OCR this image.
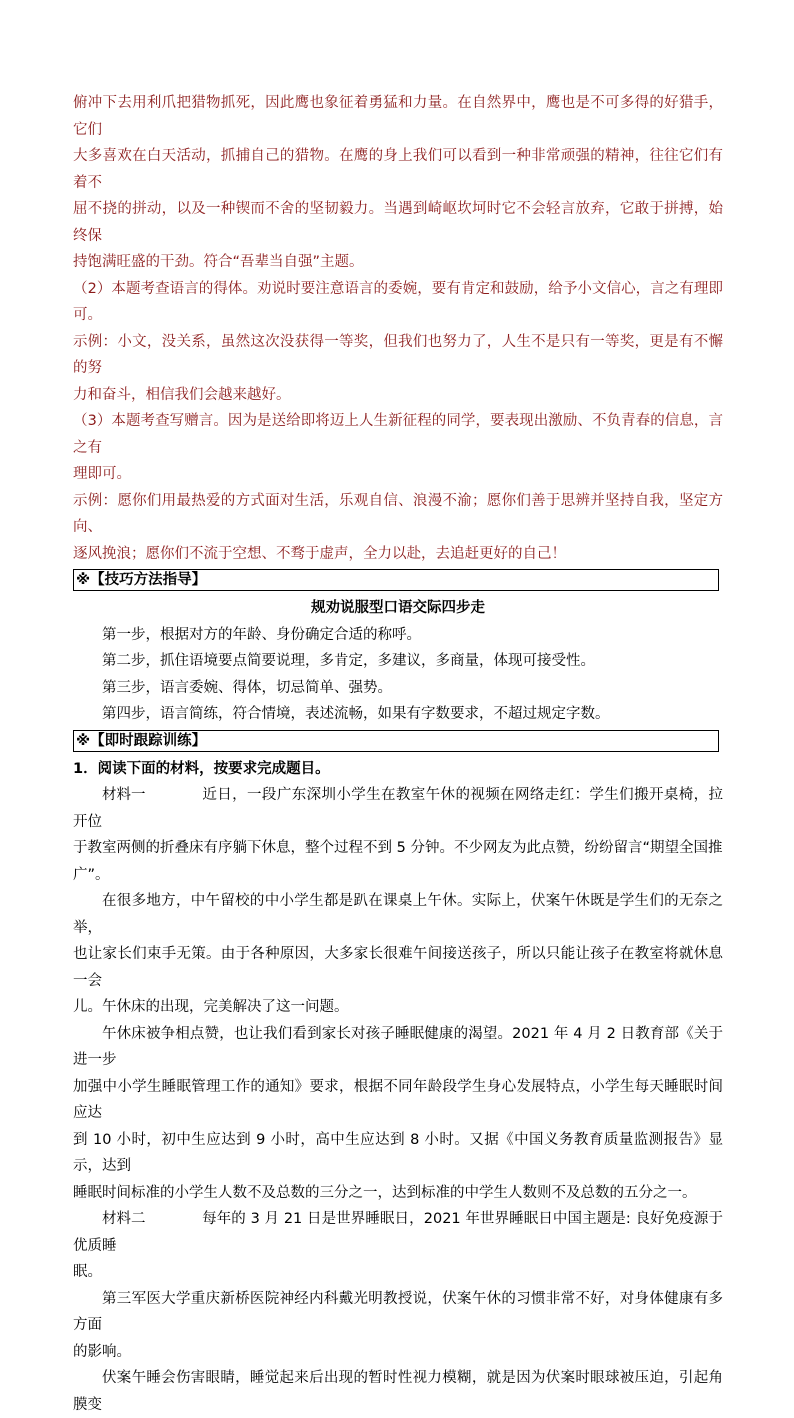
俯冲下去用利爪把猎物抓死，因此鹰也象征着勇猛和力量。在自然界中，鹰也是不可多得的好猎手，它们

大多喜欢在白天活动，抓捕自己的猎物。在鹰的身上我们可以看到一种非常顽强的精神，往往它们有着不

屈不挠的拼动，以及一种锲而不舍的坚韧毅力。当遇到崎岖坎坷时它不会轻言放弃，它敢于拼搏，始终保

持饱满旺盛的干劲。符合“吾辈当自强”主题。

（2）本题考查语言的得体。劝说时要注意语言的委婉，要有肯定和鼓励，给予小文信心，言之有理即可。

示例：小文，没关系，虽然这次没获得一等奖，但我们也努力了，人生不是只有一等奖，更是有不懈的努

力和奋斗，相信我们会越来越好。

（3）本题考查写赠言。因为是送给即将迈上人生新征程的同学，要表现出激励、不负青春的信息，言之有

理即可。

示例：愿你们用最热爱的方式面对生活，乐观自信、浪漫不渝；愿你们善于思辨并坚持自我，坚定方向、

逐风挽浪；愿你们不流于空想、不骛于虚声，全力以赴，去追赶更好的自己！

※【技巧方法指导】

规劝说服型口语交际四步走

第一步，根据对方的年龄、身份确定合适的称呼。

第二步，抓住语境要点简要说理，多肯定，多建议，多商量，体现可接受性。

第三步，语言委婉、得体，切忌简单、强势。

第四步，语言简练，符合情境，表述流畅，如果有字数要求，不超过规定字数。

※【即时跟踪训练】

1．阅读下面的材料，按要求完成题目。

材料一	近日，一段广东深圳小学生在教室午休的视频在网络走红：学生们搬开桌椅，拉开位

于教室两侧的折叠床有序躺下休息，整个过程不到 5 分钟。不少网友为此点赞，纷纷留言“期望全国推

广”。

在很多地方，中午留校的中小学生都是趴在课桌上午休。实际上，伏案午休既是学生们的无奈之举，

也让家长们束手无策。由于各种原因，大多家长很难午间接送孩子，所以只能让孩子在教室将就休息一会

儿。午休床的出现，完美解决了这一问题。

午休床被争相点赞，也让我们看到家长对孩子睡眠健康的渴望。2021 年 4 月 2 日教育部《关于进一步

加强中小学生睡眠管理工作的通知》要求，根据不同年龄段学生身心发展特点，小学生每天睡眠时间应达

到 10 小时，初中生应达到 9 小时，高中生应达到 8 小时。又据《中国义务教育质量监测报告》显示，达到

睡眠时间标准的小学生人数不及总数的三分之一，达到标准的中学生人数则不及总数的五分之一。

材料二	每年的 3 月 21 日是世界睡眠日，2021 年世界睡眠日中国主题是: 良好免疫源于优质睡

眠。

第三军医大学重庆新桥医院神经内科戴光明教授说，伏案午休的习惯非常不好，对身体健康有多方面

的影响。

伏案午睡会伤害眼睛，睡觉起来后出现的暂时性视力模糊，就是因为伏案时眼球被压迫，引起角膜变
